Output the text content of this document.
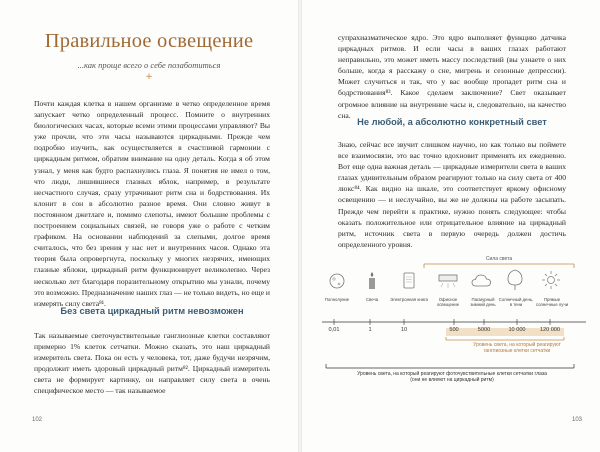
Правильное освещение
...как проще всего о себе позаботиться
+
Почти каждая клетка в нашем организме в четко определенное время запускает четко определенный процесс. Помните о внутренних биологических часах, которые всеми этими процессами управляют? Вы уже прочли, что эти часы называются циркадными. Прежде чем подробно изучить, как осуществляется в счастливой гармонии с циркадным ритмом, обратим внимание на одну деталь. Когда я об этом узнал, у меня как будто распахнулись глаза. Я понятия не имел о том, что люди, лишившиеся глазных яблок, например, в результате несчастного случая, сразу утрачивают ритм сна и бодрствования. Их клонит в сон в абсолютно разное время. Они словно живут в постоянном джетлаге и, помимо слепоты, имеют большие проблемы с построением социальных связей, не говоря уже о работе с четким графиком. На основании наблюдений за слепыми, долгое время считалось, что без зрения у нас нет и внутренних часов. Однако эта теория была опровергнута, поскольку у многих незрячих, имеющих глазные яблоки, циркадный ритм функционирует великолепно. Через несколько лет благодаря поразительному открытию мы узнали, почему это возможно. Предназначение наших глаз — не только видеть, но еще и измерять силу света⁸¹.
Без света циркадный ритм невозможен
Так называемые светочувствительные ганглиозные клетки составляют примерно 1% клеток сетчатки. Можно сказать, это наш циркадный измеритель света. Пока он есть у человека, тот, даже будучи незрячим, продолжит иметь здоровый циркадный ритм⁸². Циркадный измеритель света не формирует картинку, он направляет силу света в очень специфическое место — так называемое
102
супрахиазматическое ядро. Это ядро выполняет функцию датчика циркадных ритмов. И если часы в ваших глазах работают неправильно, это может иметь массу последствий (вы узнаете о них больше, когда я расскажу о сне, мигрень и сезонные депрессии). Может случиться и так, что у вас вообще пропадет ритм сна и бодрствования⁸³. Какое сделаем заключение? Свет оказывает огромное влияние на внутренние часы и, следовательно, на качество сна.
Не любой, а абсолютно конкретный свет
Знаю, сейчас все звучит слишком научно, но как только вы поймете все взаимосвязи, это вас точно вдохновит применять их ежедневно. Вот еще одна важная деталь — циркадные измерители света в ваших глазах удивительным образом реагируют только на силу света от 400 люкс⁸⁴. Как видно на шкале, это соответствует яркому офисному освещению — и неслучайно, вы же не должны на работе засыпать. Прежде чем перейти к практике, нужно понять следующее: чтобы оказать положительное или отрицательное влияние на циркадный ритм, источник света в первую очередь должен достичь определенного уровня.
103
Сила света
Полнолуние	Свеча	Электронная книга	Офисное освещение
Пасмурный зимний день
Солнечный день, в тени
Прямые солнечные лучи
0,01	1	10	500	5000	10 000	120 000
Уровень света, на который реагируют ганглиозные клетки сетчатки
Уровень света, на который реагируют фоточувствительные клетки сетчатки глаза (они не влияют на циркадный ритм)
